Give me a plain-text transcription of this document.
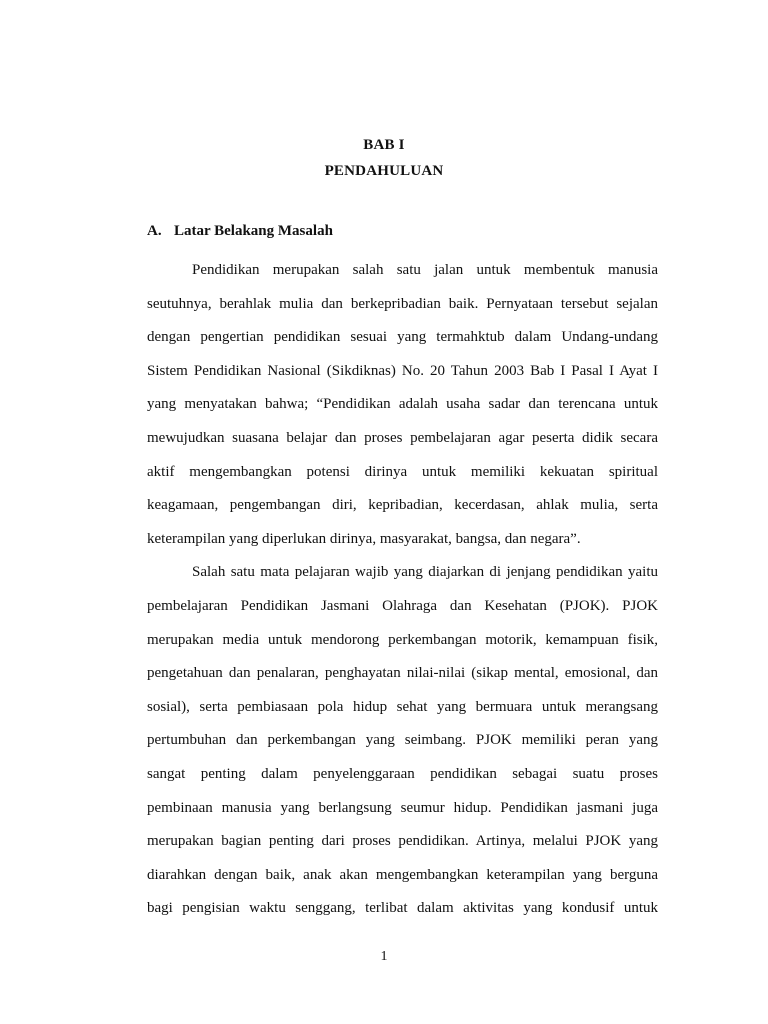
BAB I
PENDAHULUAN
A. Latar Belakang Masalah
Pendidikan merupakan salah satu jalan untuk membentuk manusia
seutuhnya, berahlak mulia dan berkepribadian baik. Pernyataan tersebut sejalan
dengan pengertian pendidikan sesuai yang termahktub dalam Undang-undang
Sistem Pendidikan Nasional (Sikdiknas) No. 20 Tahun 2003 Bab I Pasal I Ayat I
yang menyatakan bahwa; “Pendidikan adalah usaha sadar dan terencana untuk
mewujudkan suasana belajar dan proses pembelajaran agar peserta didik secara
aktif mengembangkan potensi dirinya untuk memiliki kekuatan spiritual
keagamaan, pengembangan diri, kepribadian, kecerdasan, ahlak mulia, serta
keterampilan yang diperlukan dirinya, masyarakat, bangsa, dan negara”.
Salah satu mata pelajaran wajib yang diajarkan di jenjang pendidikan yaitu
pembelajaran Pendidikan Jasmani Olahraga dan Kesehatan (PJOK). PJOK
merupakan media untuk mendorong perkembangan motorik, kemampuan fisik,
pengetahuan dan penalaran, penghayatan nilai-nilai (sikap mental, emosional, dan
sosial), serta pembiasaan pola hidup sehat yang bermuara untuk merangsang
pertumbuhan dan perkembangan yang seimbang. PJOK memiliki peran yang
sangat penting dalam penyelenggaraan pendidikan sebagai suatu proses
pembinaan manusia yang berlangsung seumur hidup. Pendidikan jasmani juga
merupakan bagian penting dari proses pendidikan. Artinya, melalui PJOK yang
diarahkan dengan baik, anak akan mengembangkan keterampilan yang berguna
bagi pengisian waktu senggang, terlibat dalam aktivitas yang kondusif untuk
1
